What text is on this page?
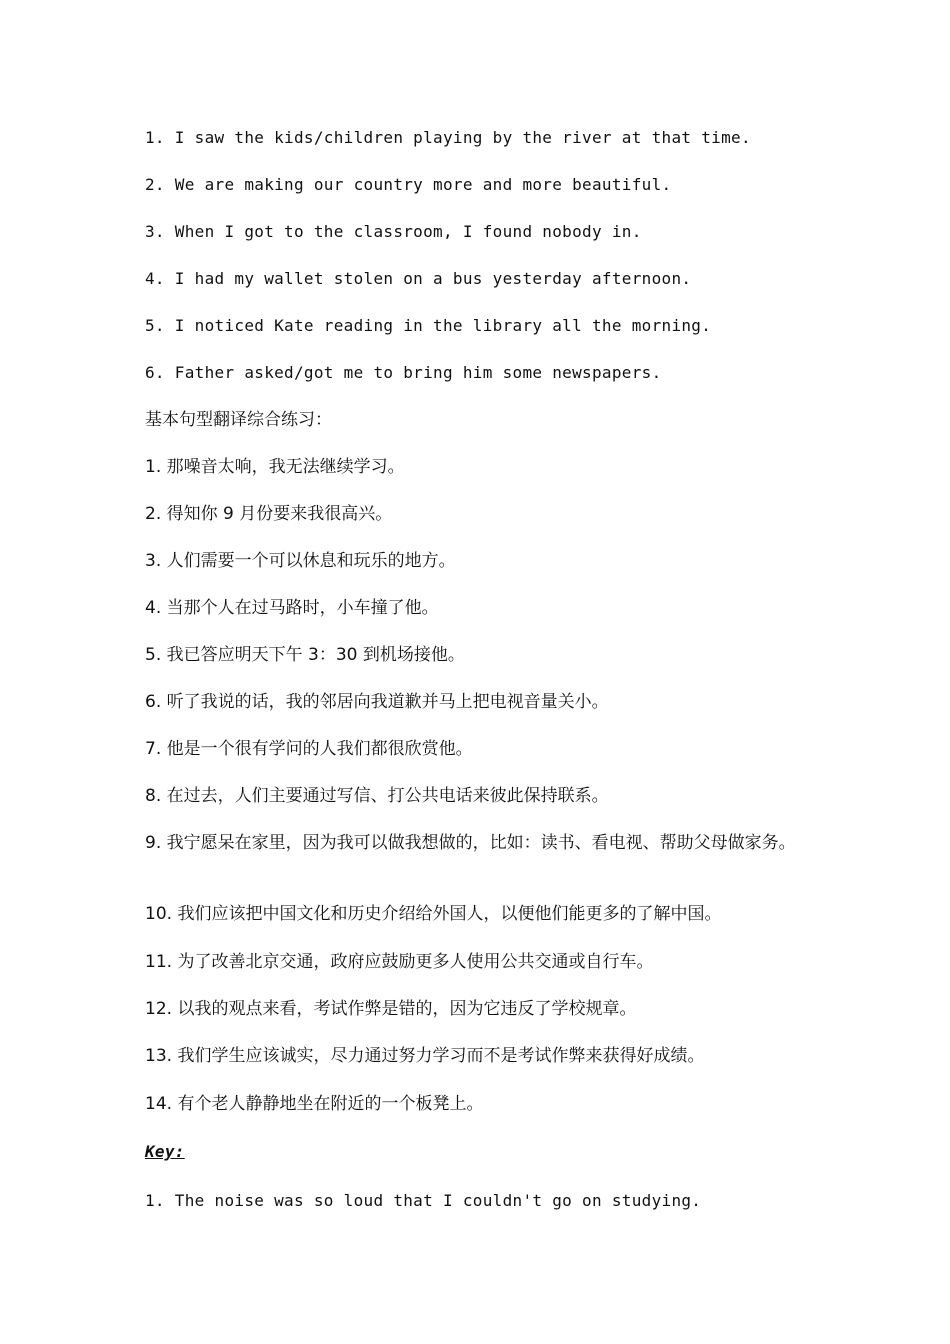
1. I saw the kids/children playing by the river at that time.
2. We are making our country more and more beautiful.
3. When I got to the classroom, I found nobody in.
4. I had my wallet stolen on a bus yesterday afternoon.
5. I noticed Kate reading in the library all the morning.
6. Father asked/got me to bring him some newspapers.
基本句型翻译综合练习：
1. 那噪音太响，我无法继续学习。
2. 得知你 9 月份要来我很高兴。
3. 人们需要一个可以休息和玩乐的地方。
4. 当那个人在过马路时，小车撞了他。
5. 我已答应明天下午 3：30 到机场接他。
6. 听了我说的话，我的邻居向我道歉并马上把电视音量关小。
7. 他是一个很有学问的人我们都很欣赏他。
8. 在过去，人们主要通过写信、打公共电话来彼此保持联系。
9. 我宁愿呆在家里，因为我可以做我想做的，比如：读书、看电视、帮助父母做家务。
10. 我们应该把中国文化和历史介绍给外国人，以便他们能更多的了解中国。
11. 为了改善北京交通，政府应鼓励更多人使用公共交通或自行车。
12. 以我的观点来看，考试作弊是错的，因为它违反了学校规章。
13. 我们学生应该诚实，尽力通过努力学习而不是考试作弊来获得好成绩。
14. 有个老人静静地坐在附近的一个板凳上。
Key:
1. The noise was so loud that I couldn't go on studying.
